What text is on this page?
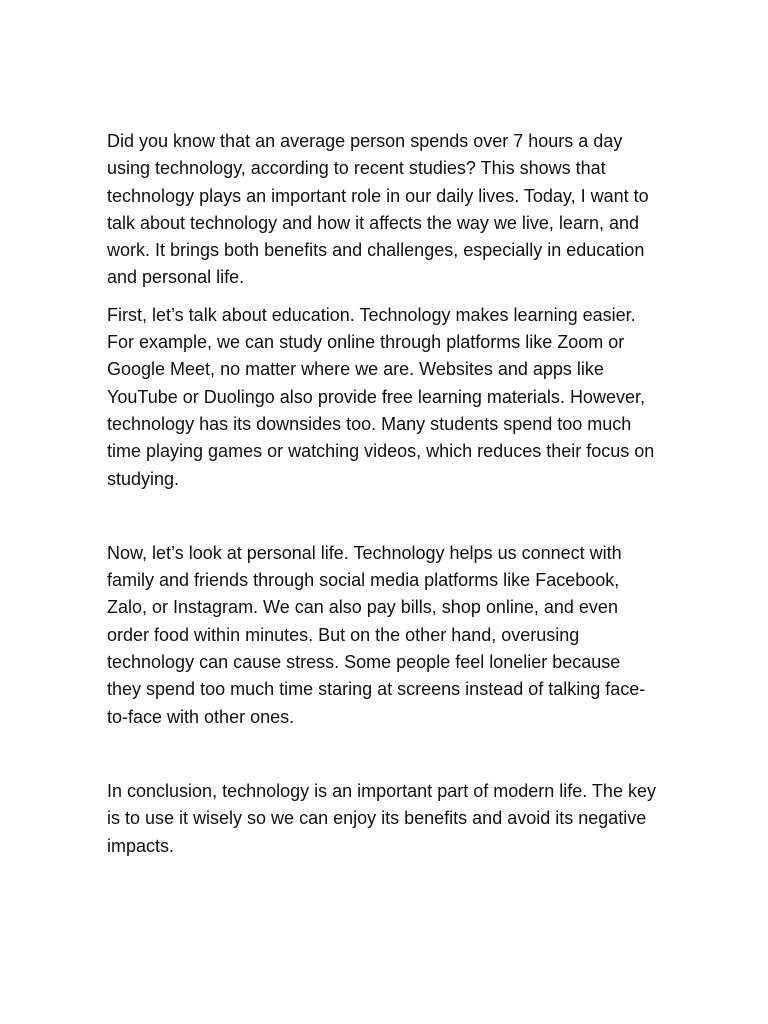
Did you know that an average person spends over 7 hours a day using technology, according to recent studies? This shows that technology plays an important role in our daily lives. Today, I want to talk about technology and how it affects the way we live, learn, and work. It brings both benefits and challenges, especially in education and personal life.

First, let’s talk about education. Technology makes learning easier. For example, we can study online through platforms like Zoom or Google Meet, no matter where we are. Websites and apps like YouTube or Duolingo also provide free learning materials. However, technology has its downsides too. Many students spend too much time playing games or watching videos, which reduces their focus on studying.

Now, let’s look at personal life. Technology helps us connect with family and friends through social media platforms like Facebook, Zalo, or Instagram. We can also pay bills, shop online, and even order food within minutes. But on the other hand, overusing technology can cause stress. Some people feel lonelier because they spend too much time staring at screens instead of talking face-to-face with other ones.

In conclusion, technology is an important part of modern life. The key is to use it wisely so we can enjoy its benefits and avoid its negative impacts.
